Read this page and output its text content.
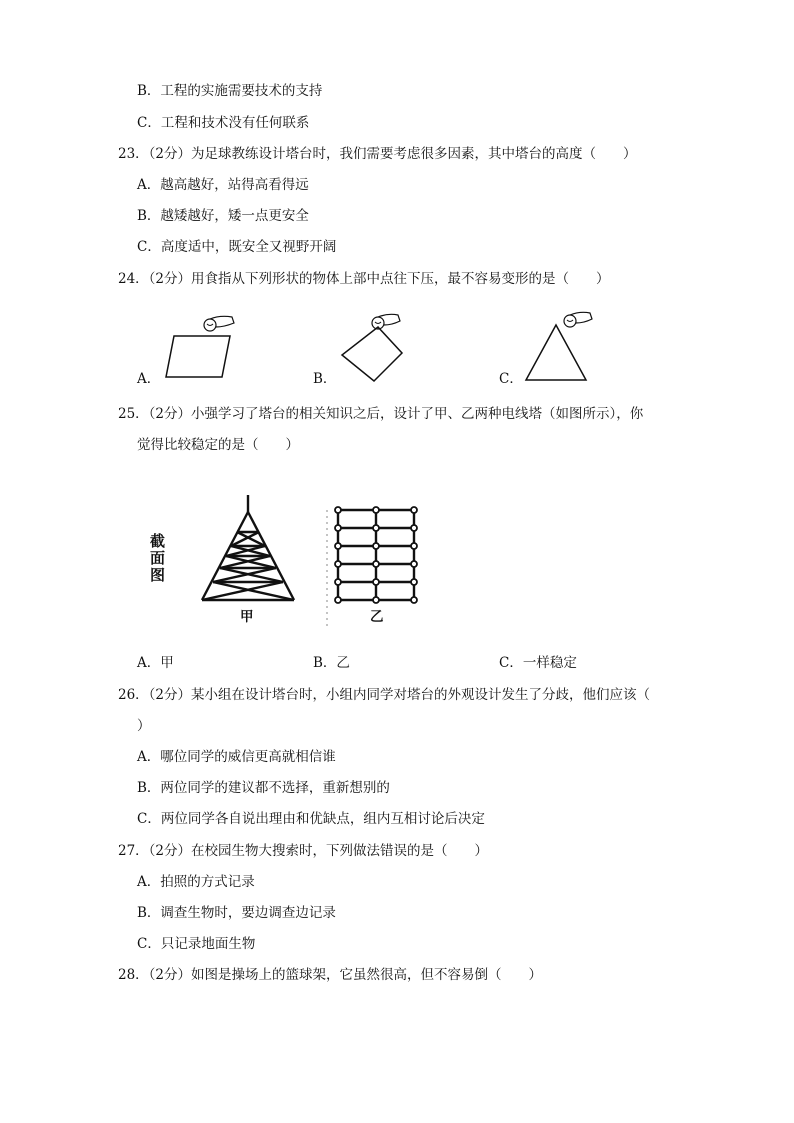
B．工程的实施需要技术的支持
C．工程和技术没有任何联系
23．（2分）为足球教练设计塔台时，我们需要考虑很多因素，其中塔台的高度（　　）
A．越高越好，站得高看得远
B．越矮越好，矮一点更安全
C．高度适中，既安全又视野开阔
24．（2分）用食指从下列形状的物体上部中点往下压，最不容易变形的是（　　）
A．	B．	C．
25．（2分）小强学习了塔台的相关知识之后，设计了甲、乙两种电线塔（如图所示），你
觉得比较稳定的是（　　）
截面图
甲	乙
A．甲	B．乙	C．一样稳定
26．（2分）某小组在设计塔台时，小组内同学对塔台的外观设计发生了分歧，他们应该（
）
A．哪位同学的威信更高就相信谁
B．两位同学的建议都不选择，重新想别的
C．两位同学各自说出理由和优缺点，组内互相讨论后决定
27．（2分）在校园生物大搜索时，下列做法错误的是（　　）
A．拍照的方式记录
B．调查生物时，要边调查边记录
C．只记录地面生物
28．（2分）如图是操场上的篮球架，它虽然很高，但不容易倒（　　）
